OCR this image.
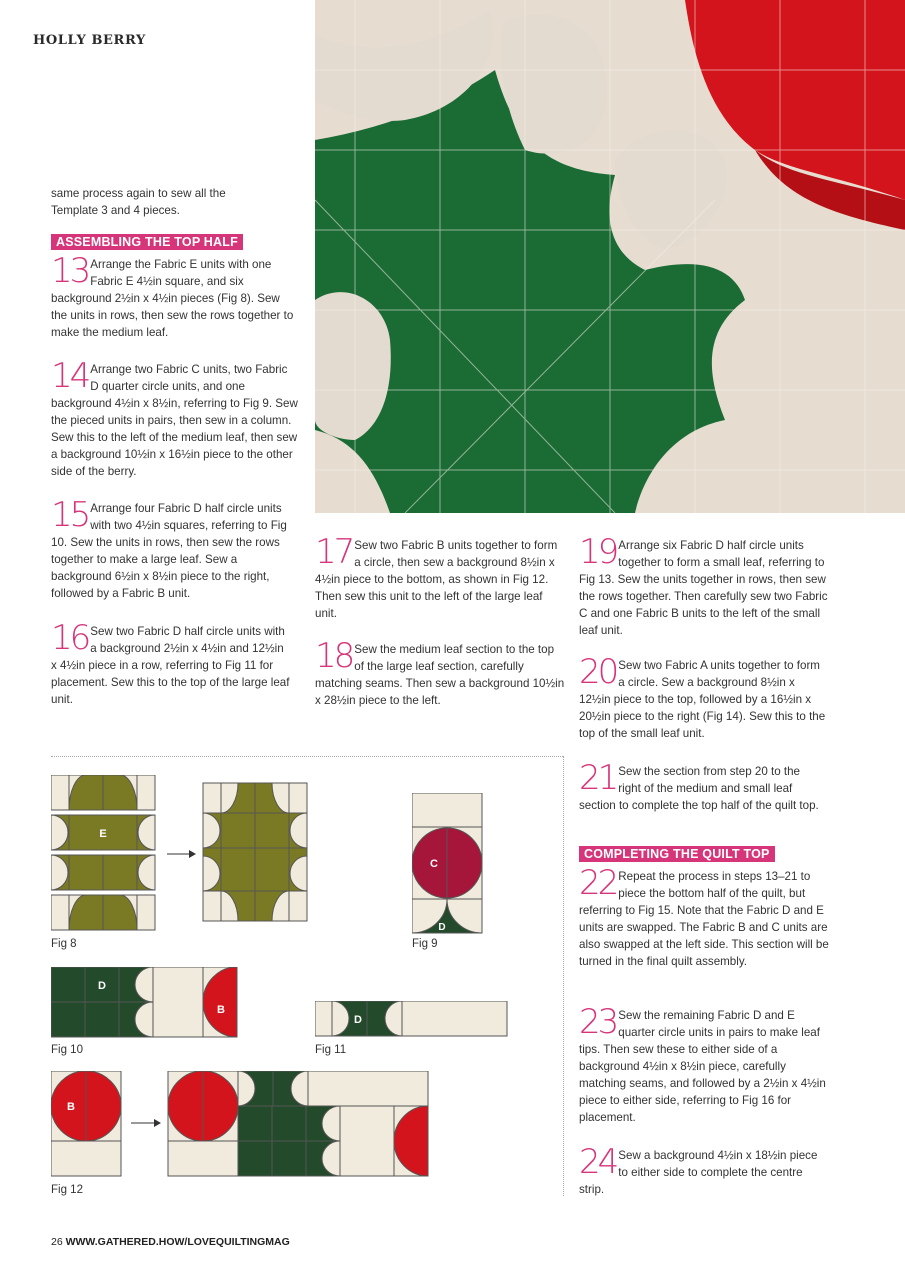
HOLLY BERRY
same process again to sew all the Template 3 and 4 pieces.
ASSEMBLING THE TOP HALF
13 Arrange the Fabric E units with one Fabric E 4½in square, and six background 2½in x 4½in pieces (Fig 8). Sew the units in rows, then sew the rows together to make the medium leaf.
14 Arrange two Fabric C units, two Fabric D quarter circle units, and one background 4½in x 8½in, referring to Fig 9. Sew the pieced units in pairs, then sew in a column. Sew this to the left of the medium leaf, then sew a background 10½in x 16½in piece to the other side of the berry.
15 Arrange four Fabric D half circle units with two 4½in squares, referring to Fig 10. Sew the units in rows, then sew the rows together to make a large leaf. Sew a background 6½in x 8½in piece to the right, followed by a Fabric B unit.
16 Sew two Fabric D half circle units with a background 2½in x 4½in and 12½in x 4½in piece in a row, referring to Fig 11 for placement. Sew this to the top of the large leaf unit.
17 Sew two Fabric B units together to form a circle, then sew a background 8½in x 4½in piece to the bottom, as shown in Fig 12. Then sew this unit to the left of the large leaf unit.
18 Sew the medium leaf section to the top of the large leaf section, carefully matching seams. Then sew a background 10½in x 28½in piece to the left.
19 Arrange six Fabric D half circle units together to form a small leaf, referring to Fig 13. Sew the units together in rows, then sew the rows together. Then carefully sew two Fabric C and one Fabric B units to the left of the small leaf unit.
20 Sew two Fabric A units together to form a circle. Sew a background 8½in x 12½in piece to the top, followed by a 16½in x 20½in piece to the right (Fig 14). Sew this to the top of the small leaf unit.
21 Sew the section from step 20 to the right of the medium and small leaf section to complete the top half of the quilt top.
COMPLETING THE QUILT TOP
22 Repeat the process in steps 13–21 to piece the bottom half of the quilt, but referring to Fig 15. Note that the Fabric D and E units are swapped. The Fabric B and C units are also swapped at the left side. This section will be turned in the final quilt assembly.
23 Sew the remaining Fabric D and E quarter circle units in pairs to make leaf tips. Then sew these to either side of a background 4½in x 8½in piece, carefully matching seams, and followed by a 2½in x 4½in piece to either side, referring to Fig 16 for placement.
24 Sew a background 4½in x 18½in piece to either side to complete the centre strip.
E
Fig 8
C
D
Fig 9
D
B
Fig 10
D
Fig 11
B
Fig 12
26 WWW.GATHERED.HOW/LOVEQUILTINGMAG
